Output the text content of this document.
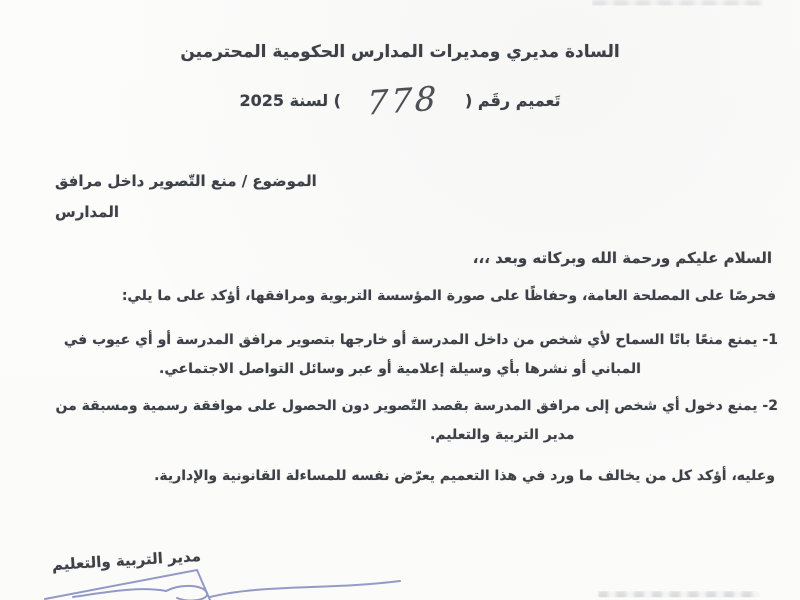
السادة مديري ومديرات المدارس الحكومية المحترمين
تَعميم رقَم (
778
) لسنة 2025
الموضوع / منع التّصوير داخل مرافق
المدارس
السلام عليكم ورحمة الله وبركاته وبعد ،،،
فحرصًا على المصلحة العامة، وحفاظًا على صورة المؤسسة التربوية ومرافقها، أؤكد على ما يلي:
1- يمنع منعًا باتًا السماح لأي شخص من داخل المدرسة أو خارجها بتصوير مرافق المدرسة أو أي عيوب في
المباني أو نشرها بأي وسيلة إعلامية أو عبر وسائل التواصل الاجتماعي.
2- يمنع دخول أي شخص إلى مرافق المدرسة بقصد التّصوير دون الحصول على موافقة رسمية ومسبقة من
مدير التربية والتعليم.
وعليه، أؤكد كل من يخالف ما ورد في هذا التعميم يعرّض نفسه للمساءلة القانونية والإدارية.
مدير التربية والتعليم
